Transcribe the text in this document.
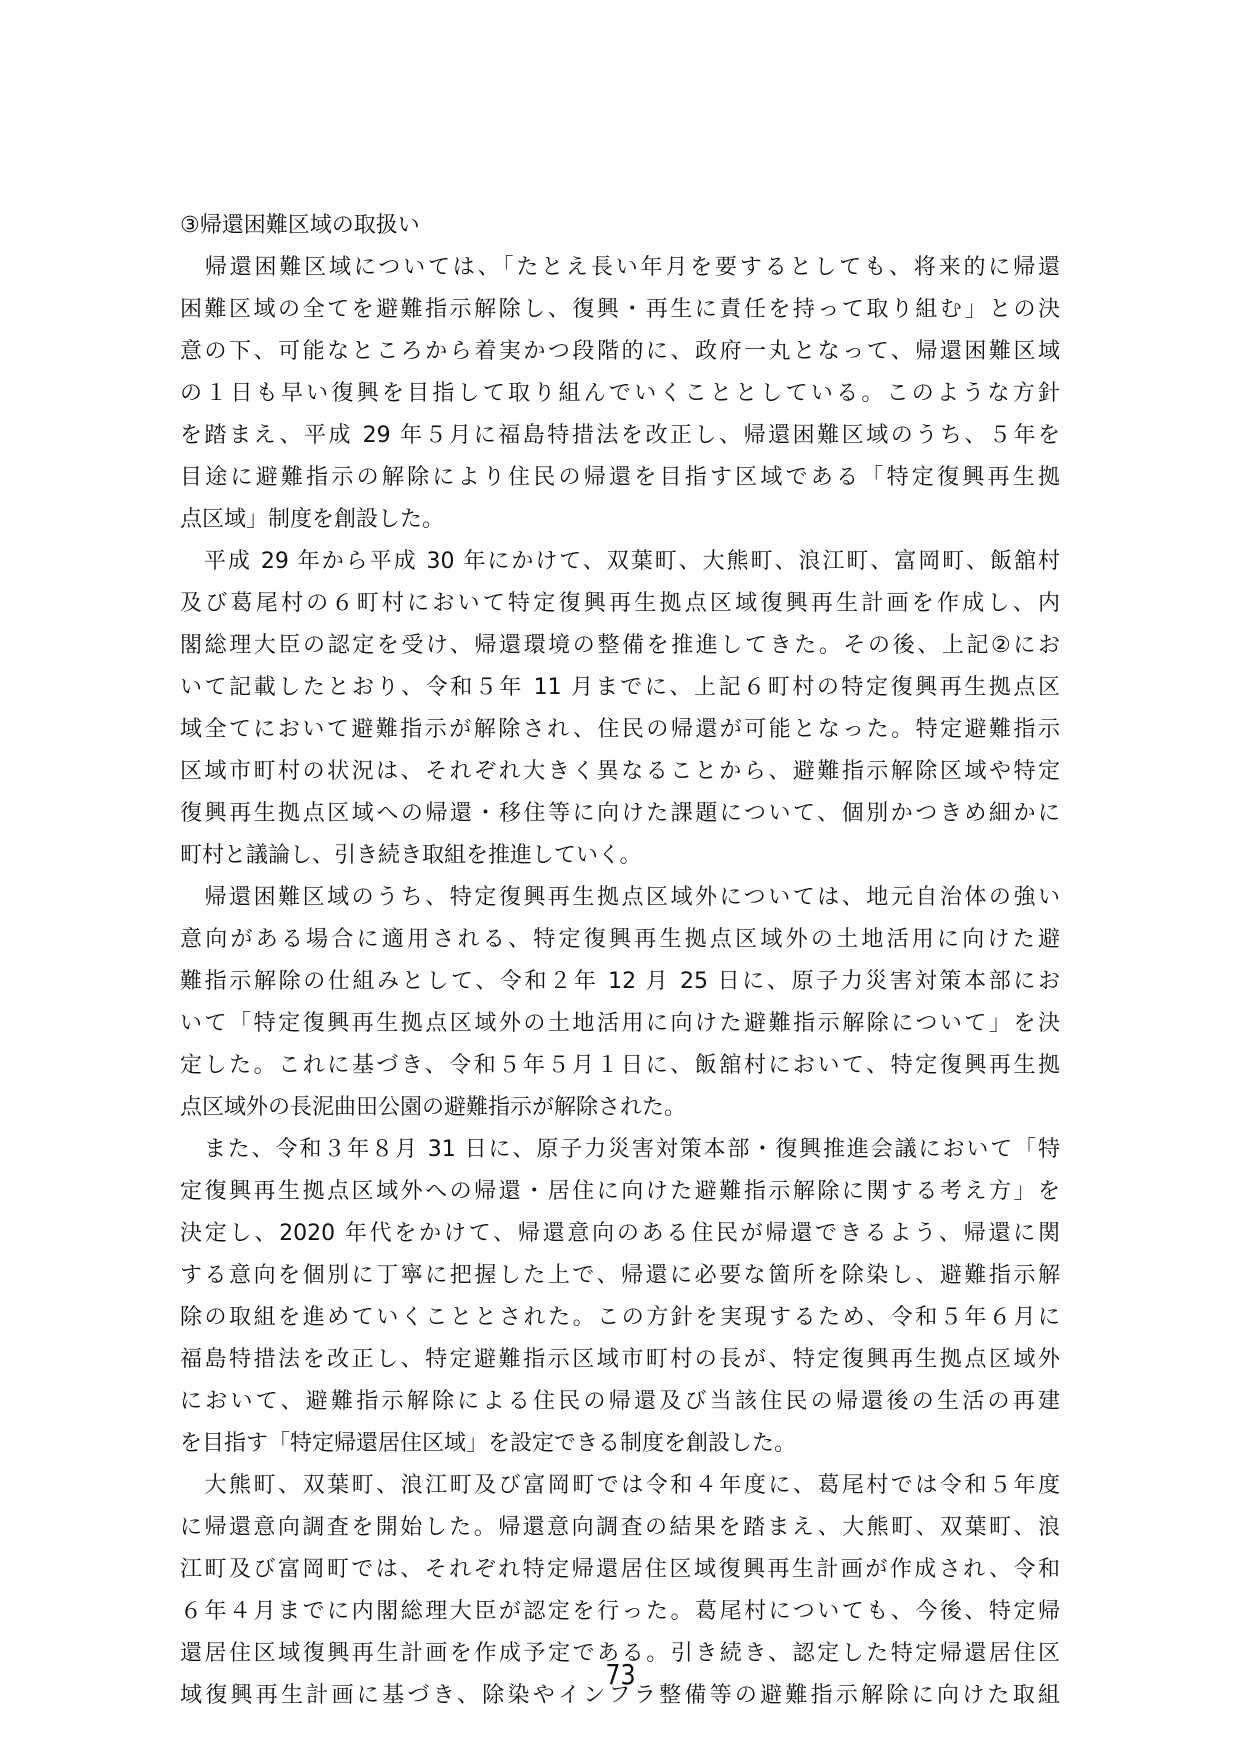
③帰還困難区域の取扱い

　帰還困難区域については、「たとえ長い年月を要するとしても、将来的に帰還
困難区域の全てを避難指示解除し、復興・再生に責任を持って取り組む」との決
意の下、可能なところから着実かつ段階的に、政府一丸となって、帰還困難区域
の１日も早い復興を目指して取り組んでいくこととしている。このような方針
を踏まえ、平成 29 年５月に福島特措法を改正し、帰還困難区域のうち、５年を
目途に避難指示の解除により住民の帰還を目指す区域である「特定復興再生拠
点区域」制度を創設した。
　平成 29 年から平成 30 年にかけて、双葉町、大熊町、浪江町、富岡町、飯舘村
及び葛尾村の６町村において特定復興再生拠点区域復興再生計画を作成し、内
閣総理大臣の認定を受け、帰還環境の整備を推進してきた。その後、上記②にお
いて記載したとおり、令和５年 11 月までに、上記６町村の特定復興再生拠点区
域全てにおいて避難指示が解除され、住民の帰還が可能となった。特定避難指示
区域市町村の状況は、それぞれ大きく異なることから、避難指示解除区域や特定
復興再生拠点区域への帰還・移住等に向けた課題について、個別かつきめ細かに
町村と議論し、引き続き取組を推進していく。
　帰還困難区域のうち、特定復興再生拠点区域外については、地元自治体の強い
意向がある場合に適用される、特定復興再生拠点区域外の土地活用に向けた避
難指示解除の仕組みとして、令和２年 12 月 25 日に、原子力災害対策本部にお
いて「特定復興再生拠点区域外の土地活用に向けた避難指示解除について」を決
定した。これに基づき、令和５年５月１日に、飯舘村において、特定復興再生拠
点区域外の長泥曲田公園の避難指示が解除された。
　また、令和３年８月 31 日に、原子力災害対策本部・復興推進会議において「特
定復興再生拠点区域外への帰還・居住に向けた避難指示解除に関する考え方」を
決定し、2020 年代をかけて、帰還意向のある住民が帰還できるよう、帰還に関
する意向を個別に丁寧に把握した上で、帰還に必要な箇所を除染し、避難指示解
除の取組を進めていくこととされた。この方針を実現するため、令和５年６月に
福島特措法を改正し、特定避難指示区域市町村の長が、特定復興再生拠点区域外
において、避難指示解除による住民の帰還及び当該住民の帰還後の生活の再建
を目指す「特定帰還居住区域」を設定できる制度を創設した。
　大熊町、双葉町、浪江町及び富岡町では令和４年度に、葛尾村では令和５年度
に帰還意向調査を開始した。帰還意向調査の結果を踏まえ、大熊町、双葉町、浪
江町及び富岡町では、それぞれ特定帰還居住区域復興再生計画が作成され、令和
６年４月までに内閣総理大臣が認定を行った。葛尾村についても、今後、特定帰
還居住区域復興再生計画を作成予定である。引き続き、認定した特定帰還居住区
域復興再生計画に基づき、除染やインフラ整備等の避難指示解除に向けた取組
73
